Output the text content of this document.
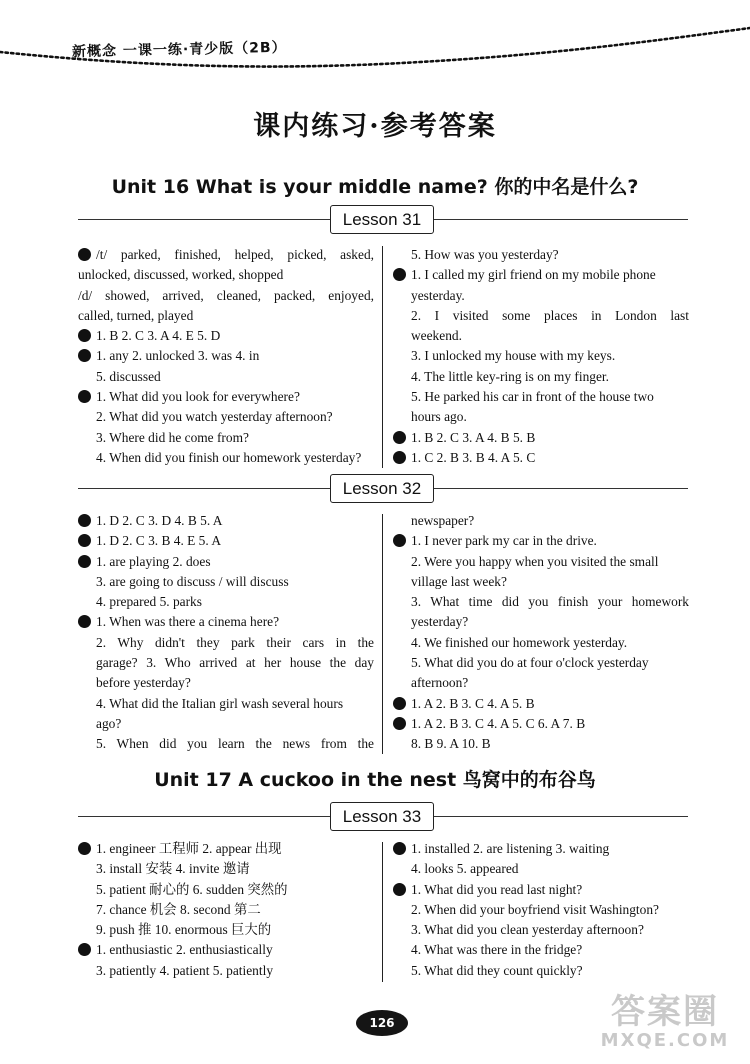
新概念 一课一练·青少版（2B）
课内练习·参考答案
Unit 16 What is your middle name? 你的中名是什么?
Unit 17 A cuckoo in the nest 鸟窝中的布谷鸟
Lesson 31
Lesson 32
Lesson 33
/t/ parked, finished, helped, picked, asked,
unlocked, discussed, worked, shopped
/d/ showed, arrived, cleaned, packed, enjoyed,
called, turned, played
1. B 2. C 3. A 4. E 5. D
1. any 2. unlocked 3. was 4. in
5. discussed
1. What did you look for everywhere?
2. What did you watch yesterday afternoon?
3. Where did he come from?
4. When did you finish our homework yesterday?
5. How was you yesterday?
1. I called my girl friend on my mobile phone
yesterday.
2. I visited some places in London last
weekend.
3. I unlocked my house with my keys.
4. The little key-ring is on my finger.
5. He parked his car in front of the house two
hours ago.
1. B 2. C 3. A 4. B 5. B
1. C 2. B 3. B 4. A 5. C
1. D 2. C 3. D 4. B 5. A
1. D 2. C 3. B 4. E 5. A
1. are playing 2. does
3. are going to discuss / will discuss
4. prepared 5. parks
1. When was there a cinema here?
2. Why didn't they park their cars in the
garage? 3. Who arrived at her house the day
before yesterday?
4. What did the Italian girl wash several hours
ago?
5. When did you learn the news from the
newspaper?
1. I never park my car in the drive.
2. Were you happy when you visited the small
village last week?
3. What time did you finish your homework
yesterday?
4. We finished our homework yesterday.
5. What did you do at four o'clock yesterday
afternoon?
1. A 2. B 3. C 4. A 5. B
1. A 2. B 3. C 4. A 5. C 6. A 7. B
8. B 9. A 10. B
1. engineer 工程师 2. appear 出现
3. install 安装 4. invite 邀请
5. patient 耐心的 6. sudden 突然的
7. chance 机会 8. second 第二
9. push 推 10. enormous 巨大的
1. enthusiastic 2. enthusiastically
3. patiently 4. patient 5. patiently
1. installed 2. are listening 3. waiting
4. looks 5. appeared
1. What did you read last night?
2. When did your boyfriend visit Washington?
3. What did you clean yesterday afternoon?
4. What was there in the fridge?
5. What did they count quickly?
126	答案圈
MXQE.COM
